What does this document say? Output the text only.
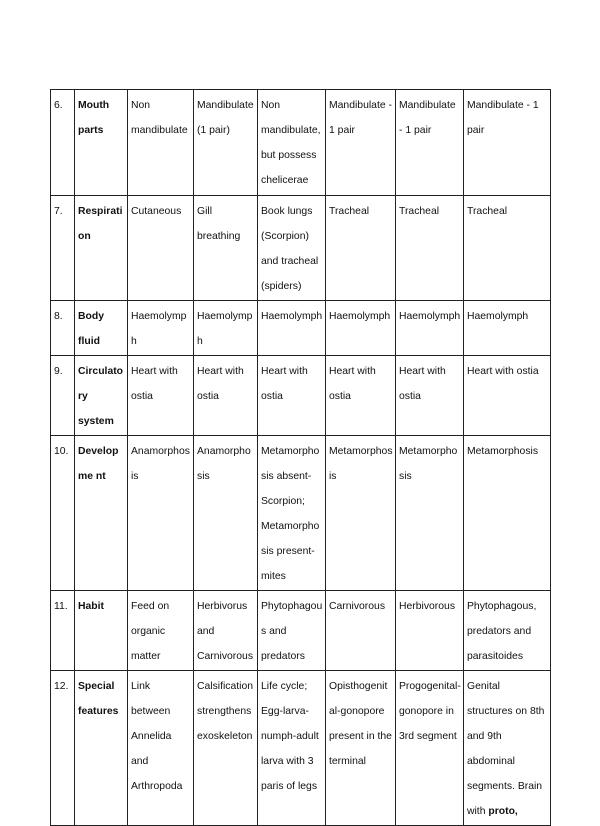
6.	Mouth parts	Non mandibulate	Mandibulate (1 pair)	Non mandibulate, but possess chelicerae	Mandibulate - 1 pair	Mandibulate - 1 pair	Mandibulate - 1 pair
7.	Respiration	Cutaneous	Gill breathing	Book lungs (Scorpion) and tracheal (spiders)	Tracheal	Tracheal	Tracheal
8.	Body fluid	Haemolymph	Haemolymph	Haemolymph	Haemolymph	Haemolymph	Haemolymph
9.	Circulatory system	Heart with ostia	Heart with ostia	Heart with ostia	Heart with ostia	Heart with ostia	Heart with ostia
10.	Developme nt	Anamorphosis	Anamorphosis	Metamorphosis absent-Scorpion; Metamorphosis present-mites	Metamorphosis	Metamorphosis	Metamorphosis
11.	Habit	Feed on organic matter	Herbivorus and Carnivorous	Phytophagous and predators	Carnivorous	Herbivorous	Phytophagous, predators and parasitoides
12.	Special features	Link between Annelida and Arthropoda	Calsification strengthens exoskeleton	Life cycle; Egg-larva-numph-adult larva with 3 paris of legs	Opisthogenital-gonopore present in the terminal	Progogenital-gonopore in 3rd segment	Genital structures on 8th and 9th abdominal segments. Brain with proto,
